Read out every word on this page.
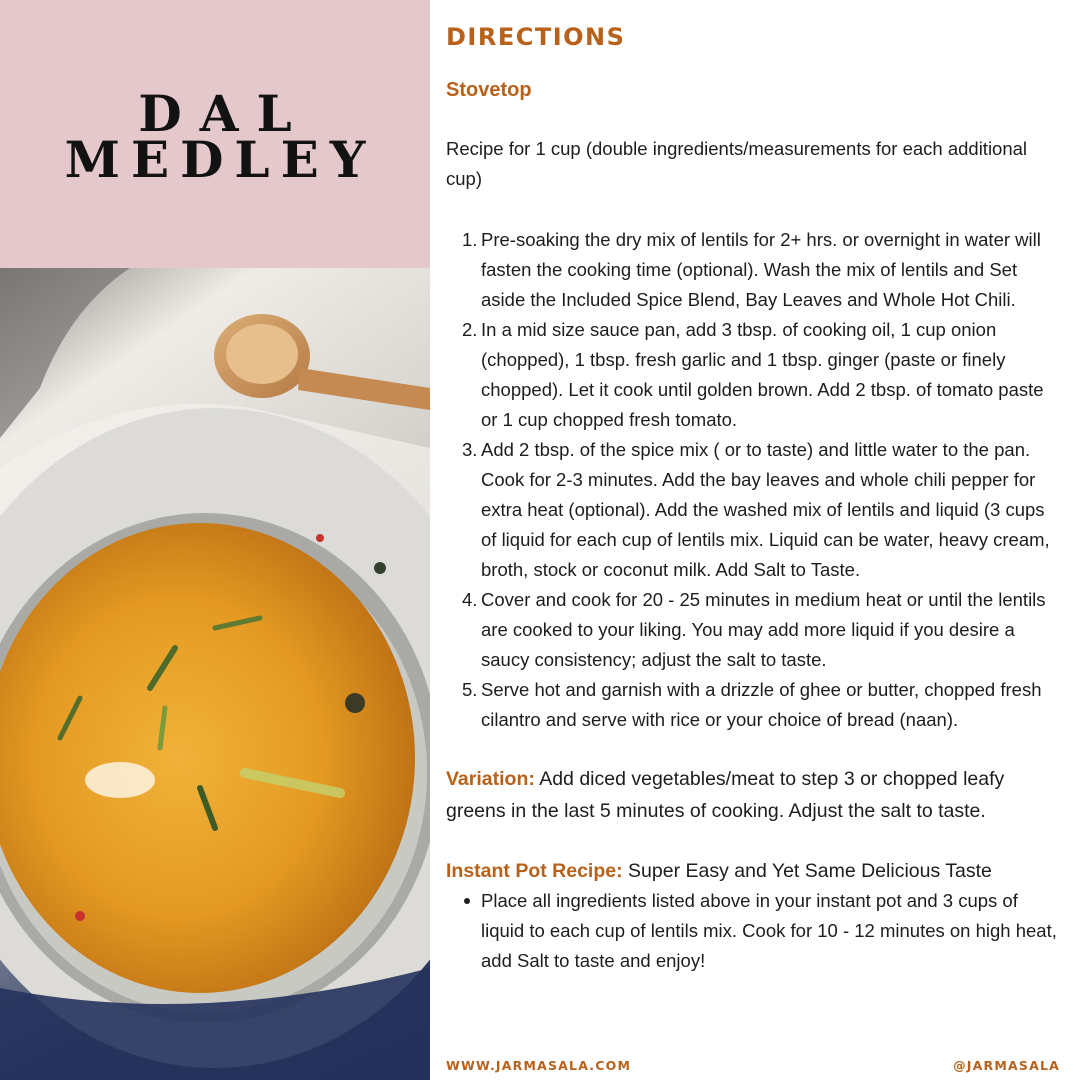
DAL
MEDLEY
DIRECTIONS
Stovetop
Recipe for 1 cup (double ingredients/measurements for each additional cup)
1. Pre-soaking the dry mix of lentils for 2+ hrs. or overnight in water will fasten the cooking time (optional). Wash the mix of lentils and Set aside the Included Spice Blend, Bay Leaves and Whole Hot Chili.
2. In a mid size sauce pan, add 3 tbsp. of cooking oil, 1 cup onion (chopped), 1 tbsp. fresh garlic and 1 tbsp. ginger (paste or finely chopped). Let it cook until golden brown. Add 2 tbsp. of tomato paste or 1 cup chopped fresh tomato.
3. Add 2 tbsp. of the spice mix ( or to taste) and little water to the pan. Cook for 2-3 minutes. Add the bay leaves and whole chili pepper for extra heat (optional). Add the washed mix of lentils and liquid (3 cups of liquid for each cup of lentils mix. Liquid can be water, heavy cream, broth, stock or coconut milk. Add Salt to Taste.
4. Cover and cook for 20 - 25 minutes in medium heat or until the lentils are cooked to your liking. You may add more liquid if you desire a saucy consistency; adjust the salt to taste.
5. Serve hot and garnish with a drizzle of ghee or butter, chopped fresh cilantro and serve with rice or your choice of bread (naan).
Variation: Add diced vegetables/meat to step 3 or chopped leafy greens in the last 5 minutes of cooking. Adjust the salt to taste.
Instant Pot Recipe: Super Easy and Yet Same Delicious Taste
Place all ingredients listed above in your instant pot and 3 cups of liquid to each cup of lentils mix. Cook for 10 - 12 minutes on high heat, add Salt to taste and enjoy!
WWW.JARMASALA.COM	@JARMASALA
